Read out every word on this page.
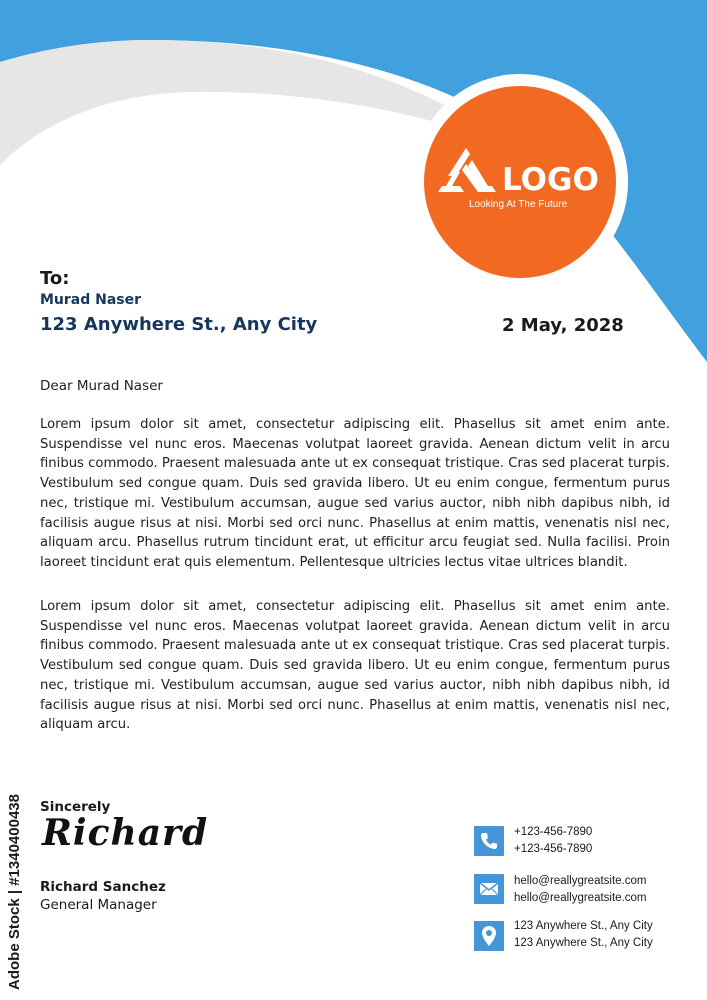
LOGO
Looking At The Future
To:
Murad Naser
123 Anywhere St., Any City	2 May, 2028
Dear Murad Naser
Lorem ipsum dolor sit amet, consectetur adipiscing elit. Phasellus sit amet enim ante. Suspendisse vel nunc eros. Maecenas volutpat laoreet gravida. Aenean dictum velit in arcu finibus commodo. Praesent malesuada ante ut ex consequat tristique. Cras sed placerat turpis. Vestibulum sed congue quam. Duis sed gravida libero. Ut eu enim congue, fermentum purus nec, tristique mi. Vestibulum accumsan, augue sed varius auctor, nibh nibh dapibus nibh, id facilisis augue risus at nisi. Morbi sed orci nunc. Phasellus at enim mattis, venenatis nisl nec, aliquam arcu. Phasellus rutrum tincidunt erat, ut efficitur arcu feugiat sed. Nulla facilisi. Proin laoreet tincidunt erat quis elementum. Pellentesque ultricies lectus vitae ultrices blandit.
Lorem ipsum dolor sit amet, consectetur adipiscing elit. Phasellus sit amet enim ante. Suspendisse vel nunc eros. Maecenas volutpat laoreet gravida. Aenean dictum velit in arcu finibus commodo. Praesent malesuada ante ut ex consequat tristique. Cras sed placerat turpis. Vestibulum sed congue quam. Duis sed gravida libero. Ut eu enim congue, fermentum purus nec, tristique mi. Vestibulum accumsan, augue sed varius auctor, nibh nibh dapibus nibh, id facilisis augue risus at nisi. Morbi sed orci nunc. Phasellus at enim mattis, venenatis nisl nec, aliquam arcu.
Sincerely
Richard
Richard Sanchez
General Manager
+123-456-7890
+123-456-7890
hello@reallygreatsite.com
hello@reallygreatsite.com
123 Anywhere St., Any City
123 Anywhere St., Any City
Adobe Stock | #1340400438
